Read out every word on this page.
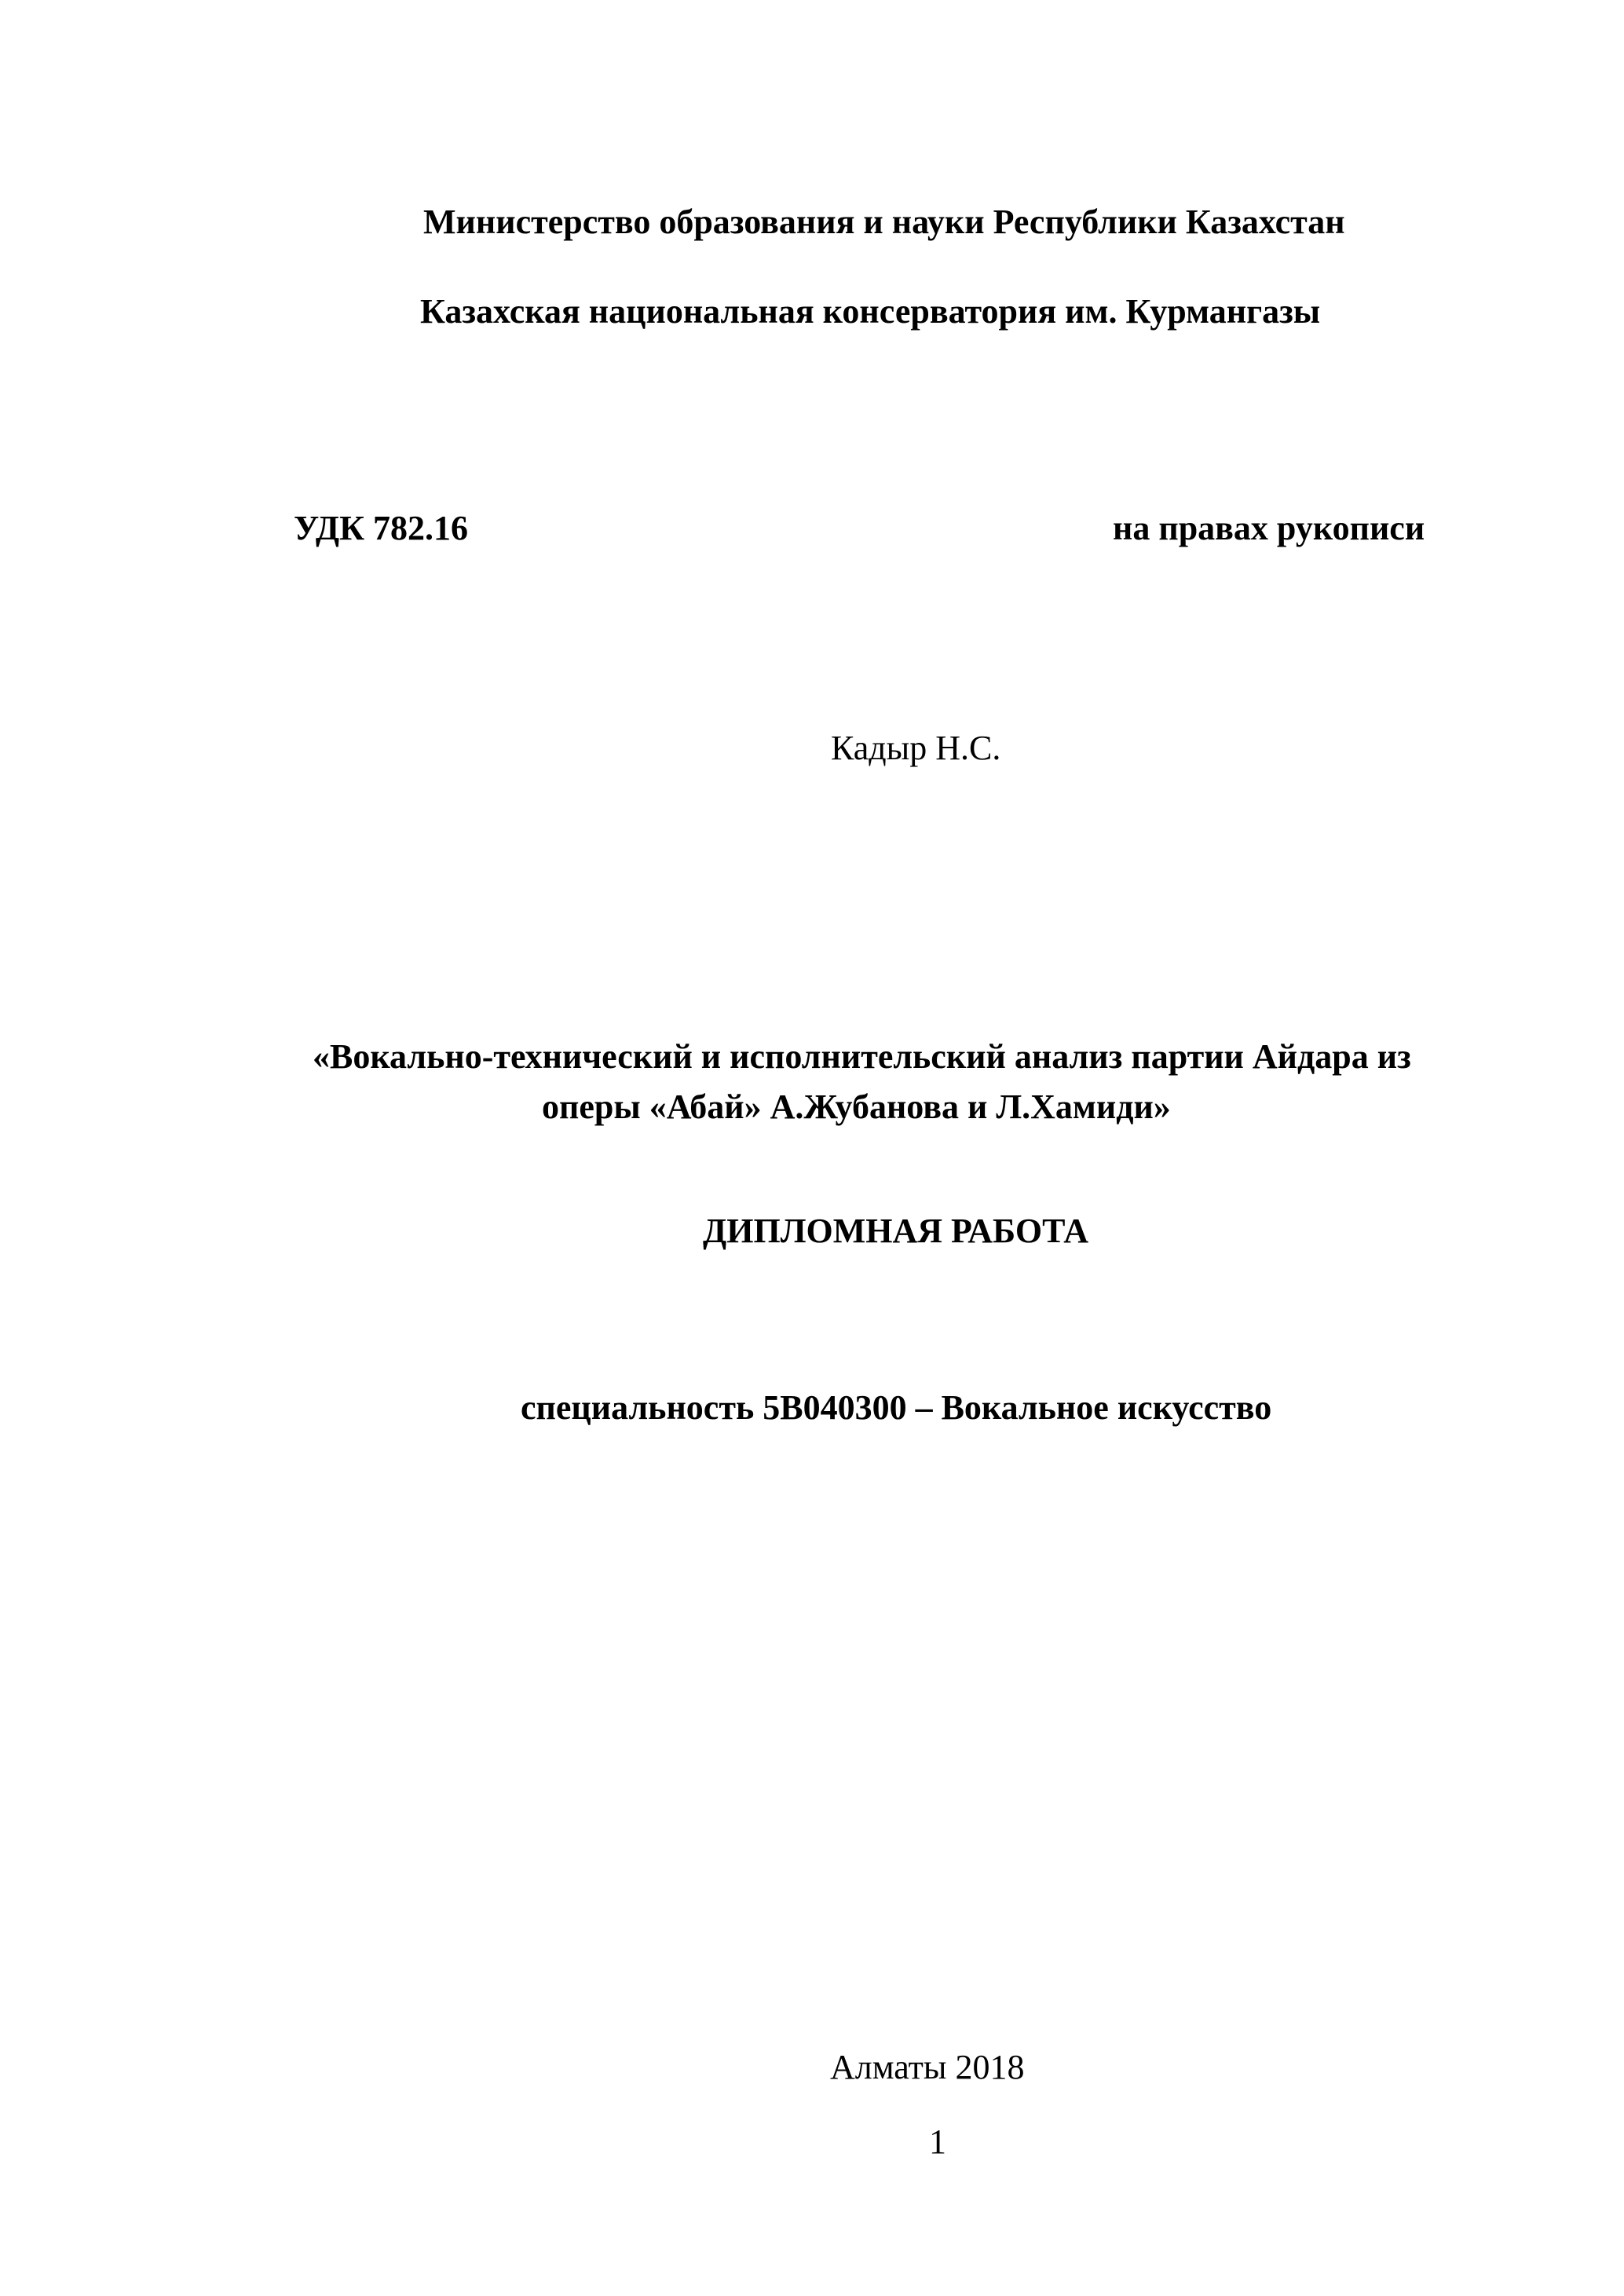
Министерство образования и науки Республики Казахстан
Казахская национальная консерватория им. Курмангазы
УДК 782.16	на правах рукописи
Кадыр Н.С.
«Вокально-технический и исполнительский анализ партии Айдара из
оперы «Абай» А.Жубанова и Л.Хамиди»
ДИПЛОМНАЯ РАБОТА
специальность 5В040300 – Вокальное искусство
Алматы 2018
1
